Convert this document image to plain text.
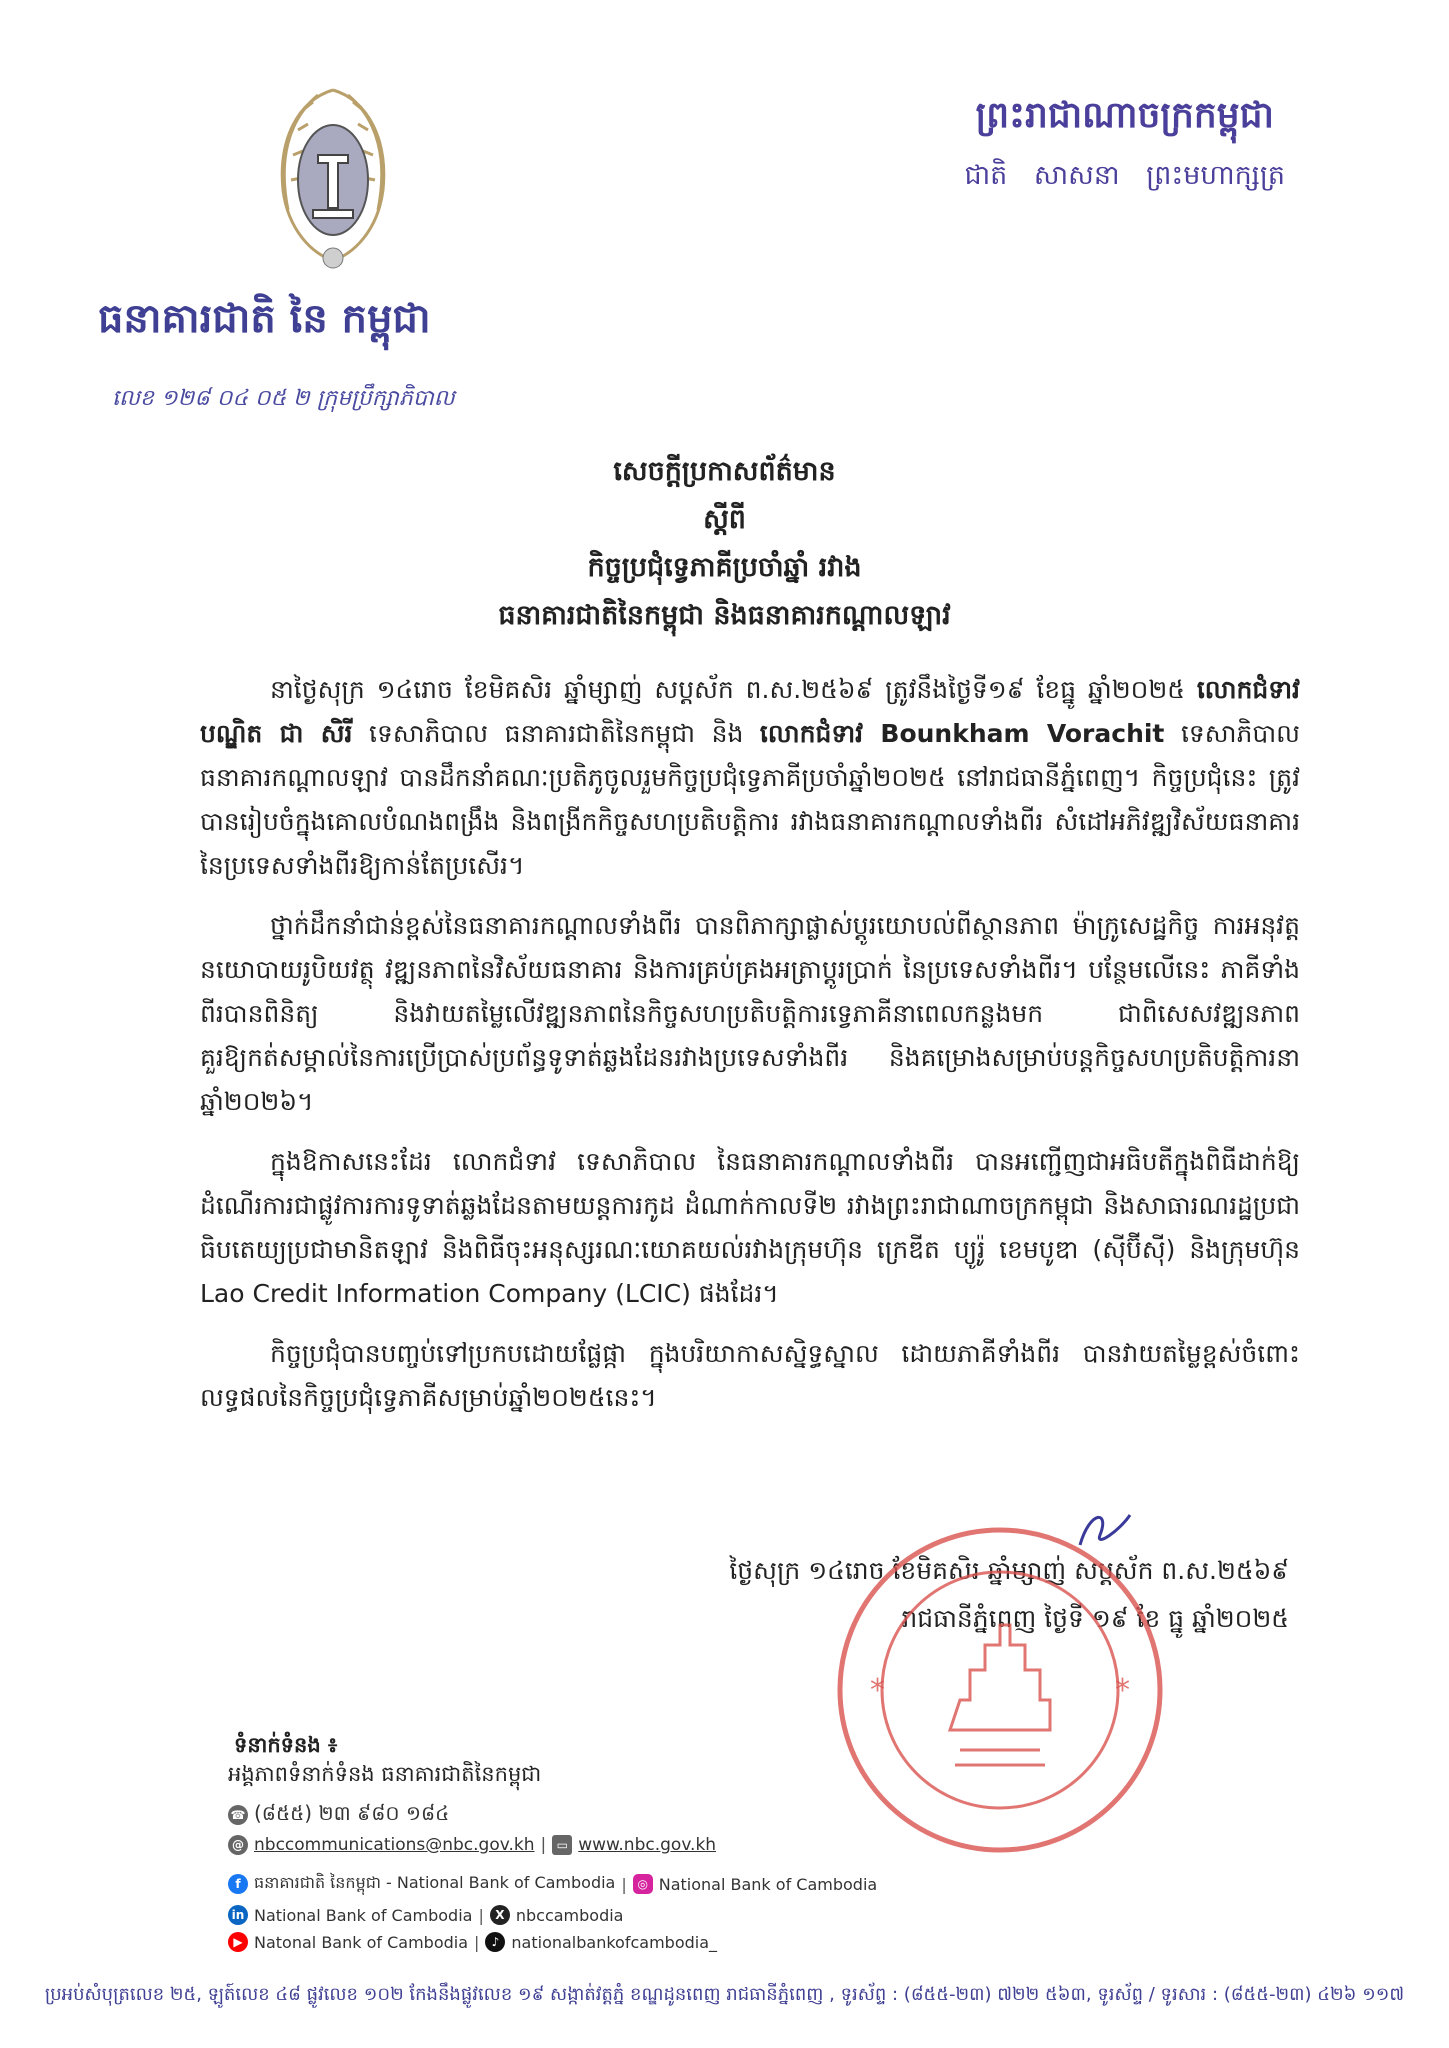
ធនាគារជាតិ នៃ កម្ពុជា
លេខ ១២៨ ០៤ ០៥ ២ ក្រុមប្រឹក្សាភិបាល
ព្រះរាជាណាចក្រកម្ពុជា
ជាតិ សាសនា ព្រះមហាក្សត្រ
សេចក្តីប្រកាសព័ត៌មាន
ស្តីពី
កិច្ចប្រជុំទ្វេភាគីប្រចាំឆ្នាំ រវាង
ធនាគារជាតិនៃកម្ពុជា និងធនាគារកណ្តាលឡាវ

នាថ្ងៃសុក្រ ១៤រោច ខែមិគសិរ ឆ្នាំម្សាញ់ សប្តស័ក ព.ស.២៥៦៩ ត្រូវនឹងថ្ងៃទី១៩ ខែធ្នូ ឆ្នាំ២០២៥ លោកជំទាវបណ្ឌិត ជា សិរី ទេសាភិបាល ធនាគារជាតិនៃកម្ពុជា និង លោកជំទាវ Bounkham Vorachit ទេសាភិបាល ធនាគារកណ្តាលឡាវ បានដឹកនាំគណៈប្រតិភូចូលរួមកិច្ចប្រជុំទ្វេភាគីប្រចាំឆ្នាំ២០២៥ នៅរាជធានីភ្នំពេញ។ កិច្ចប្រជុំនេះ ត្រូវបានរៀបចំក្នុងគោលបំណងពង្រឹង និងពង្រីកកិច្ចសហប្រតិបត្តិការ រវាងធនាគារកណ្តាលទាំងពីរ សំដៅអភិវឌ្ឍវិស័យធនាគារនៃប្រទេសទាំងពីរឱ្យកាន់តែប្រសើរ។

ថ្នាក់ដឹកនាំជាន់ខ្ពស់នៃធនាគារកណ្តាលទាំងពីរ បានពិភាក្សាផ្លាស់ប្តូរយោបល់ពីស្ថានភាព ម៉ាក្រូសេដ្ឋកិច្ច ការអនុវត្តនយោបាយរូបិយវត្ថុ វឌ្ឍនភាពនៃវិស័យធនាគារ និងការគ្រប់គ្រងអត្រាប្តូរប្រាក់ នៃប្រទេសទាំងពីរ។ បន្ថែមលើនេះ ភាគីទាំងពីរបានពិនិត្យ និងវាយតម្លៃលើវឌ្ឍនភាពនៃកិច្ចសហប្រតិបត្តិការទ្វេភាគីនាពេលកន្លងមក ជាពិសេសវឌ្ឍនភាពគួរឱ្យកត់សម្គាល់នៃការប្រើប្រាស់ប្រព័ន្ធទូទាត់ឆ្លងដែនរវាងប្រទេសទាំងពីរ និងគម្រោងសម្រាប់បន្តកិច្ចសហប្រតិបត្តិការនាឆ្នាំ២០២៦។

ក្នុងឱកាសនេះដែរ លោកជំទាវ ទេសាភិបាល នៃធនាគារកណ្តាលទាំងពីរ បានអញ្ជើញជាអធិបតីក្នុងពិធីដាក់ឱ្យដំណើរការជាផ្លូវការការទូទាត់ឆ្លងដែនតាមយន្តការកូដ ដំណាក់កាលទី២ រវាងព្រះរាជាណាចក្រកម្ពុជា និងសាធារណរដ្ឋប្រជាធិបតេយ្យប្រជាមានិតឡាវ និងពិធីចុះអនុស្សរណៈយោគយល់រវាងក្រុមហ៊ុន ក្រេឌីត ប្យូរ៉ូ ខេមបូឌា (ស៊ីប៊ីស៊ី) និងក្រុមហ៊ុន Lao Credit Information Company (LCIC) ផងដែរ។

កិច្ចប្រជុំបានបញ្ចប់ទៅប្រកបដោយផ្លែផ្កា ក្នុងបរិយាកាសស្និទ្ធស្នាល ដោយភាគីទាំងពីរ បានវាយតម្លៃខ្ពស់ចំពោះលទ្ធផលនៃកិច្ចប្រជុំទ្វេភាគីសម្រាប់ឆ្នាំ២០២៥នេះ។

ថ្ងៃសុក្រ ១៤រោច ខែមិគសិរ ឆ្នាំម្សាញ់ សប្តស័ក ព.ស.២៥៦៩
រាជធានីភ្នំពេញ ថ្ងៃទី ១៩ ខែ ធ្នូ ឆ្នាំ២០២៥
*	*
ទំនាក់ទំនង ៖
អង្គភាពទំនាក់ទំនង ធនាគារជាតិនៃកម្ពុជា
☎ (៨៥៥) ២៣ ៩៨០ ១៨៤
@ nbccommunications@nbc.gov.kh | ▭ www.nbc.gov.kh
f ធនាគារជាតិ នៃកម្ពុជា - National Bank of Cambodia | ◎ National Bank of Cambodia
in National Bank of Cambodia | X nbccambodia
▶ Natonal Bank of Cambodia |	♪ nationalbankofcambodia_
ប្រអប់សំបុត្រលេខ ២៥, ឡូត៍លេខ ៤៨ ផ្លូវលេខ ១០២ កែងនឹងផ្លូវលេខ ១៩ សង្កាត់វត្តភ្នំ ខណ្ឌដូនពេញ រាជធានីភ្នំពេញ , ទូរស័ព្ទ : (៨៥៥-២៣) ៧២២ ៥៦៣, ទូរស័ព្ទ / ទូរសារ : (៨៥៥-២៣) ៤២៦ ១១៧
